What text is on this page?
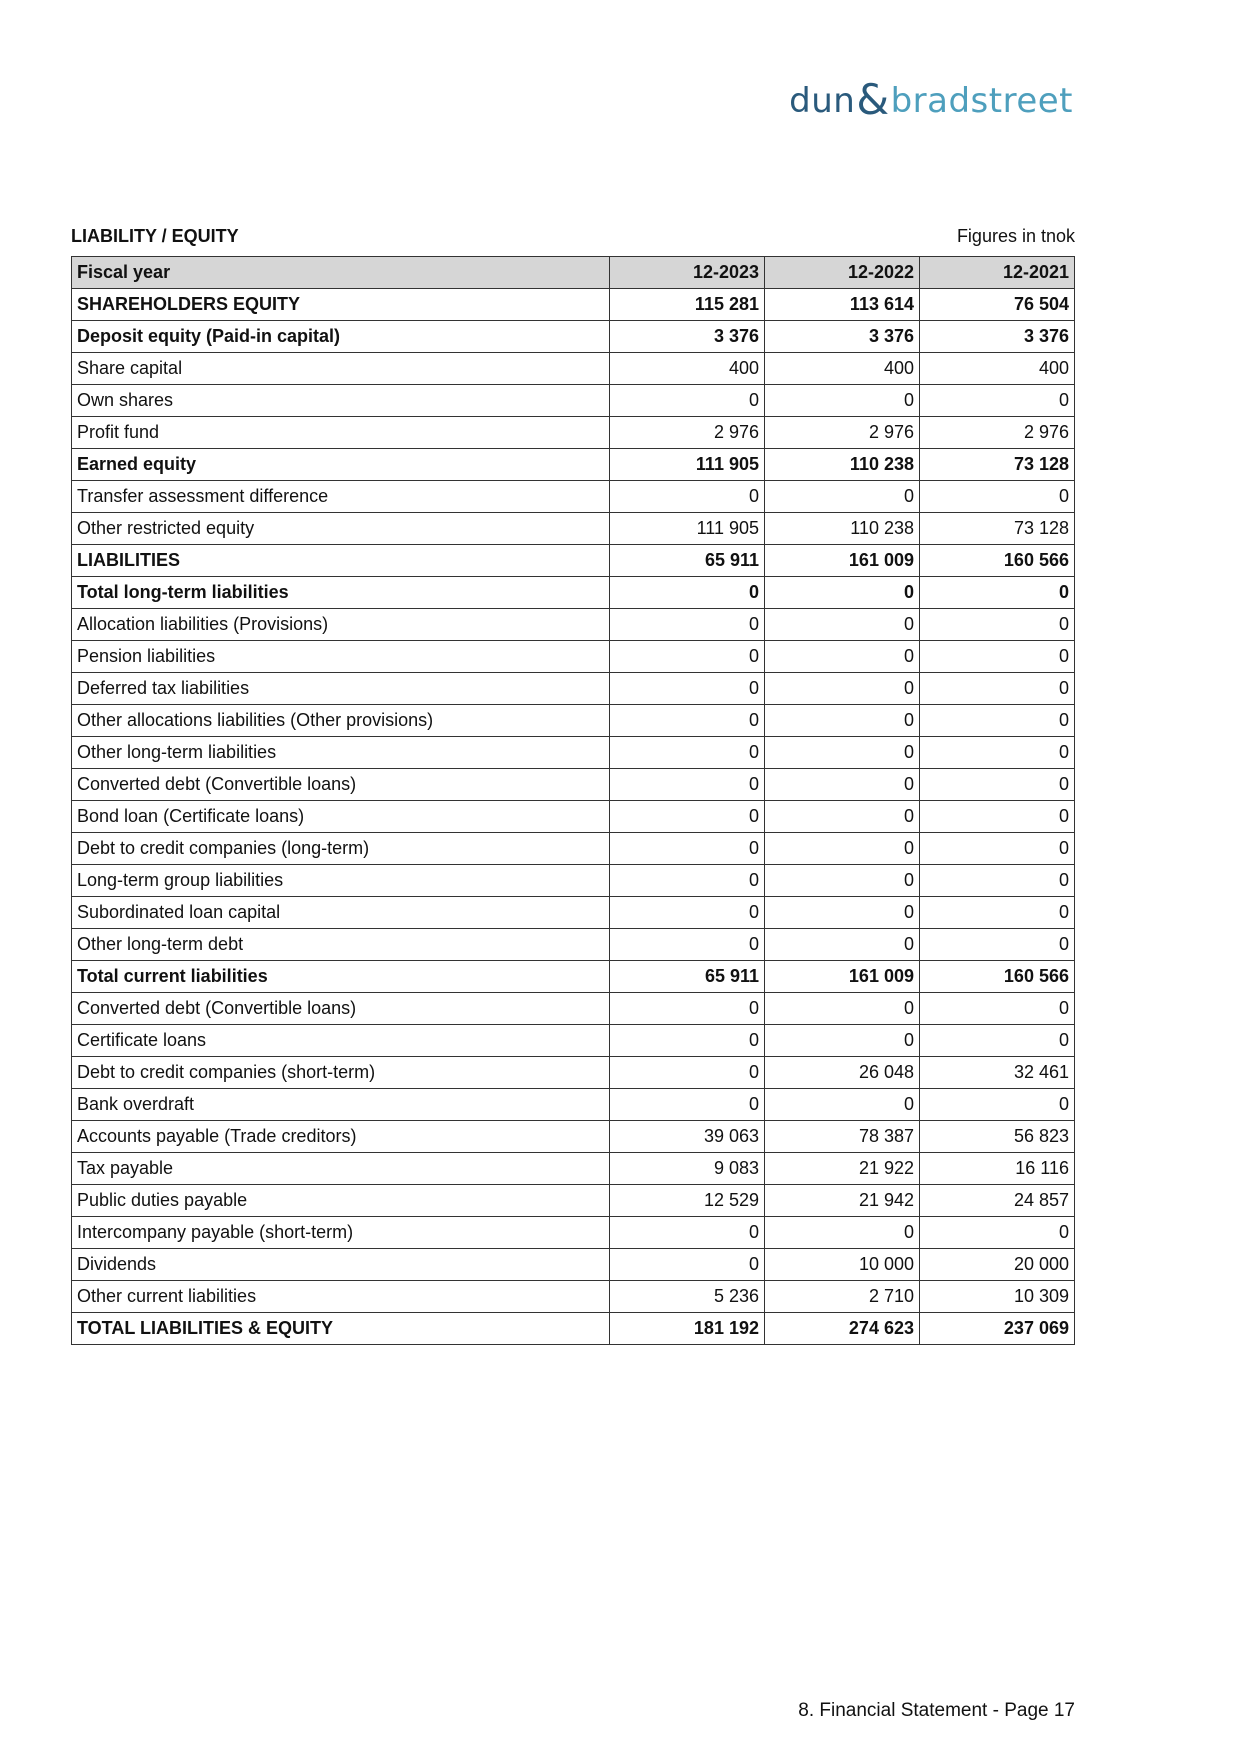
dun & bradstreet
LIABILITY / EQUITY	Figures in tnok
Fiscal year	12-2023	12-2022	12-2021
SHAREHOLDERS EQUITY	115 281	113 614	76 504
Deposit equity (Paid-in capital)	3 376	3 376	3 376
Share capital	400	400	400
Own shares	0	0	0
Profit fund	2 976	2 976	2 976
Earned equity	111 905	110 238	73 128
Transfer assessment difference	0	0	0
Other restricted equity	111 905	110 238	73 128
LIABILITIES	65 911	161 009	160 566
Total long-term liabilities	0	0	0
Allocation liabilities (Provisions)	0	0	0
Pension liabilities	0	0	0
Deferred tax liabilities	0	0	0
Other allocations liabilities (Other provisions)	0	0	0
Other long-term liabilities	0	0	0
Converted debt (Convertible loans)	0	0	0
Bond loan (Certificate loans)	0	0	0
Debt to credit companies (long-term)	0	0	0
Long-term group liabilities	0	0	0
Subordinated loan capital	0	0	0
Other long-term debt	0	0	0
Total current liabilities	65 911	161 009	160 566
Converted debt (Convertible loans)	0	0	0
Certificate loans	0	0	0
Debt to credit companies (short-term)	0	26 048	32 461
Bank overdraft	0	0	0
Accounts payable (Trade creditors)	39 063	78 387	56 823
Tax payable	9 083	21 922	16 116
Public duties payable	12 529	21 942	24 857
Intercompany payable (short-term)	0	0	0
Dividends	0	10 000	20 000
Other current liabilities	5 236	2 710	10 309
TOTAL LIABILITIES & EQUITY	181 192	274 623	237 069
8. Financial Statement - Page 17
